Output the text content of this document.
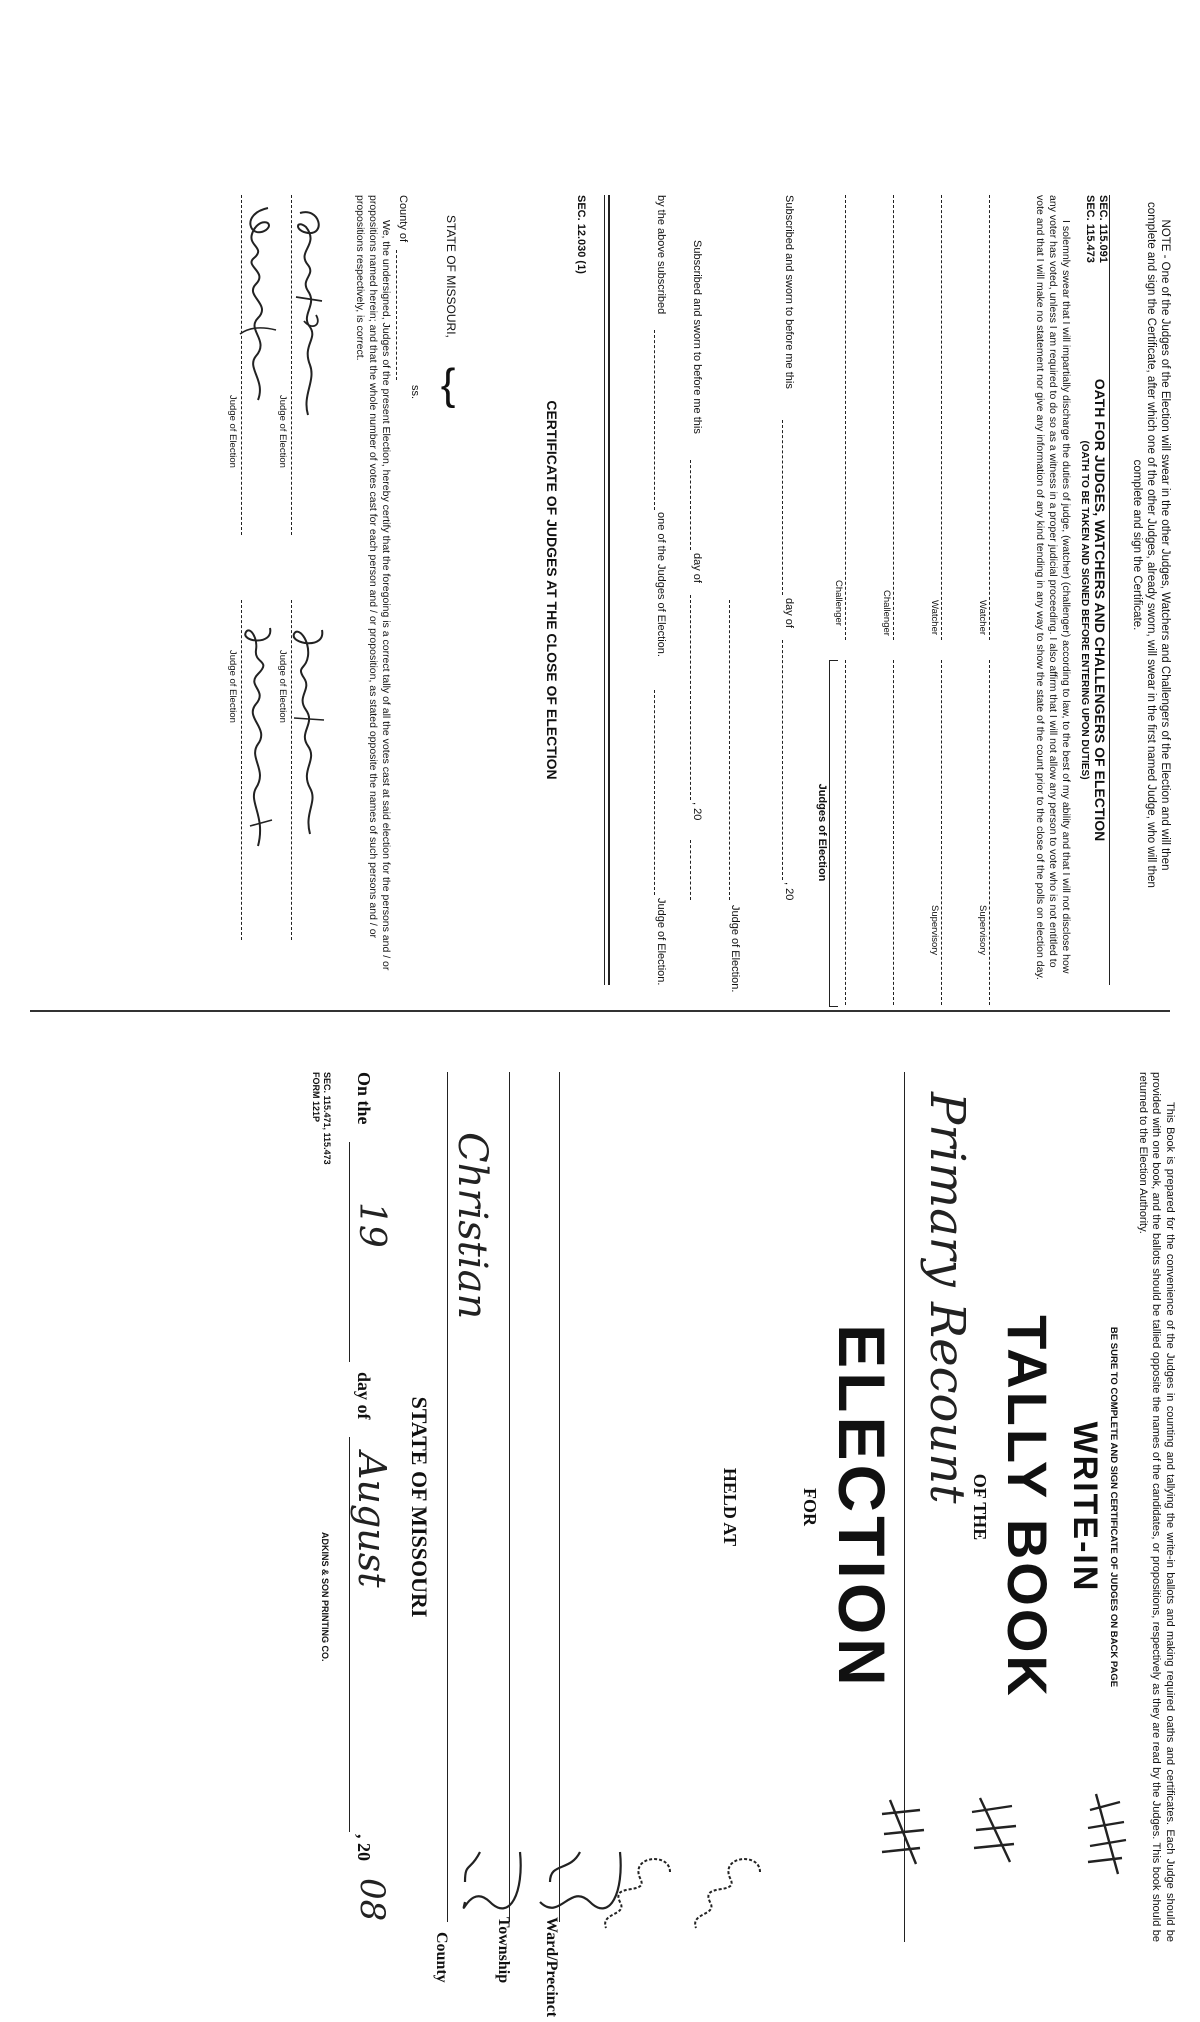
NOTE - One of the Judges of the Election will swear in the other Judges, Watchers and Challengers of the Election and will then complete and sign the Certificate, after which one of the other Judges, already sworn, will swear in the first named Judge, who will then complete and sign the Certificate.
SEC. 115.091
SEC. 115.473
OATH FOR JUDGES, WATCHERS AND CHALLENGERS OF ELECTION
(OATH TO BE TAKEN AND SIGNED BEFORE ENTERING UPON DUTIES)
I solemnly swear that I will impartially discharge the duties of judge, (watcher) (challenger) according to law, to the best of my ability and that I will not disclose how any voter has voted, unless I am required to do so as a witness in a proper judicial proceeding. I also affirm that I will not allow any person to vote who is not entitled to vote and that I will make no statement nor give any information of any kind tending in any way to show the state of the count prior to the close of the polls on election day.
Watcher
Watcher
Challenger
Challenger
Supervisory
Supervisory
Judges of Election
Subscribed and sworn to before me this
day of
, 20
Judge of Election.
Subscribed and sworn to before me this
day of
, 20
by the above subscribed
one of the Judges of Election.
Judge of Election.
SEC. 12.030 (1)
CERTIFICATE OF JUDGES AT THE CLOSE OF ELECTION
STATE OF MISSOURI,
}
ss.
County of
We, the undersigned, Judges of the present Election, hereby certify that the foregoing is a correct tally of all the votes cast at said election for the persons and / or propositions named herein; and that the whole number of votes cast for each person and / or proposition, as stated opposite the names of such persons and / or propositions respectively, is correct.
Judge of Election
Judge of Election
Judge of Election
Judge of Election
This Book is prepared for the convenience of the Judges in counting and tallying the write-in ballots and making required oaths and certificates. Each Judge should be provided with one book, and the ballots should be tallied opposite the names of the candidates, or propositions, respectively as they are read by the Judges. This book should be returned to the Election Authority.
BE SURE TO COMPLETE AND SIGN CERTIFICATE OF JUDGES ON BACK PAGE
WRITE-IN
TALLY BOOK
OF THE
Primary Recount
ELECTION
FOR
HELD AT
Ward/Precinct
Township
Christian
County
STATE OF MISSOURI
On the
19
day of
August
, 20
08
SEC. 115.471, 115.473
FORM 121P
ADKINS & SON PRINTING CO.
